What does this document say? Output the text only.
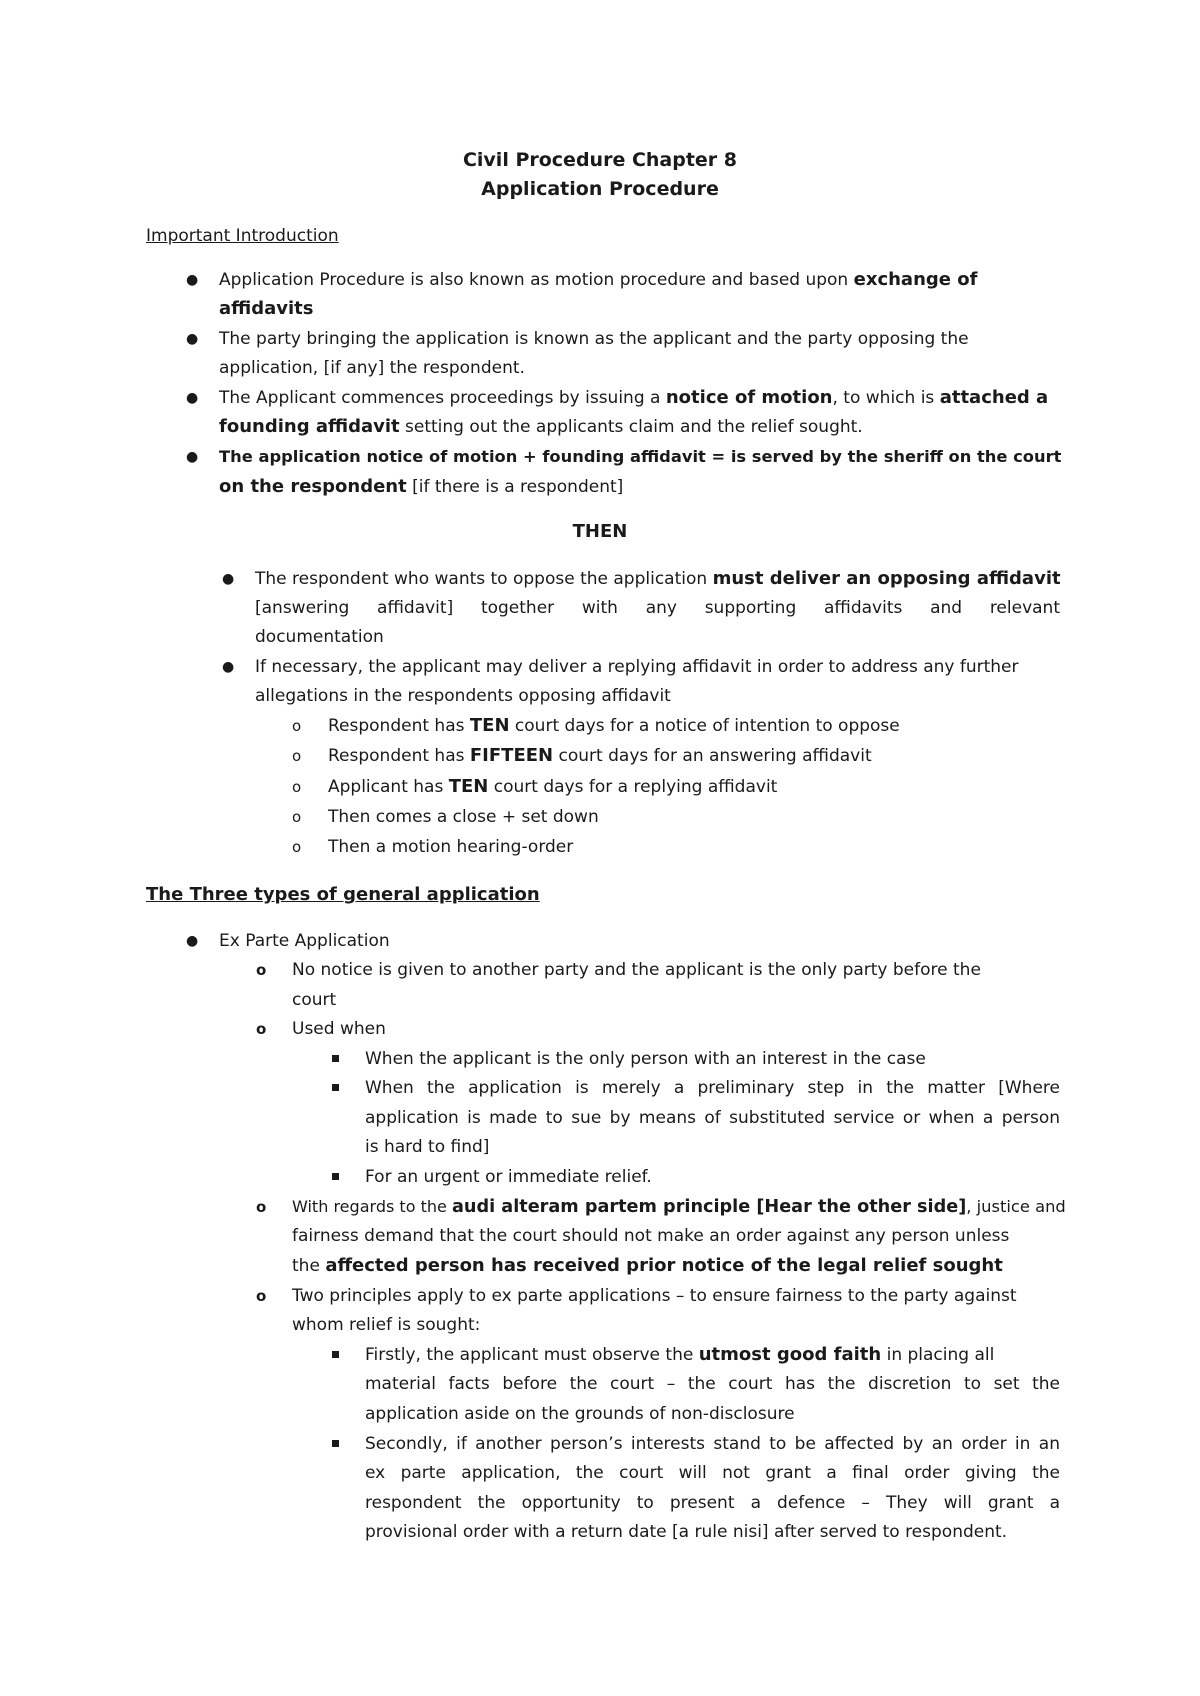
Civil Procedure Chapter 8
Application Procedure
Important Introduction
● Application Procedure is also known as motion procedure and based upon exchange of
affidavits
● The party bringing the application is known as the applicant and the party opposing the
application, [if any] the respondent.
● The Applicant commences proceedings by issuing a notice of motion, to which is attached a
founding affidavit setting out the applicants claim and the relief sought.
● The application notice of motion + founding affidavit = is served by the sheriff on the court
on the respondent [if there is a respondent]
THEN
● The respondent who wants to oppose the application must deliver an opposing affidavit
[answering affidavit] together with any supporting affidavits and relevant
documentation
● If necessary, the applicant may deliver a replying affidavit in order to address any further
allegations in the respondents opposing affidavit
o Respondent has TEN court days for a notice of intention to oppose
o Respondent has FIFTEEN court days for an answering affidavit
o Applicant has TEN court days for a replying affidavit
o Then comes a close + set down
o Then a motion hearing-order
The Three types of general application
● Ex Parte Application
o No notice is given to another party and the applicant is the only party before the
court
o Used when
When the applicant is the only person with an interest in the case
When the application is merely a preliminary step in the matter [Where
application is made to sue by means of substituted service or when a person
is hard to find]
For an urgent or immediate relief.
o With regards to the audi alteram partem principle [Hear the other side], justice and
fairness demand that the court should not make an order against any person unless
the affected person has received prior notice of the legal relief sought
o Two principles apply to ex parte applications – to ensure fairness to the party against
whom relief is sought:
Firstly, the applicant must observe the utmost good faith in placing all
material facts before the court – the court has the discretion to set the
application aside on the grounds of non-disclosure
Secondly, if another person’s interests stand to be affected by an order in an
ex parte application, the court will not grant a final order giving the
respondent the opportunity to present a defence – They will grant a
provisional order with a return date [a rule nisi] after served to respondent.
